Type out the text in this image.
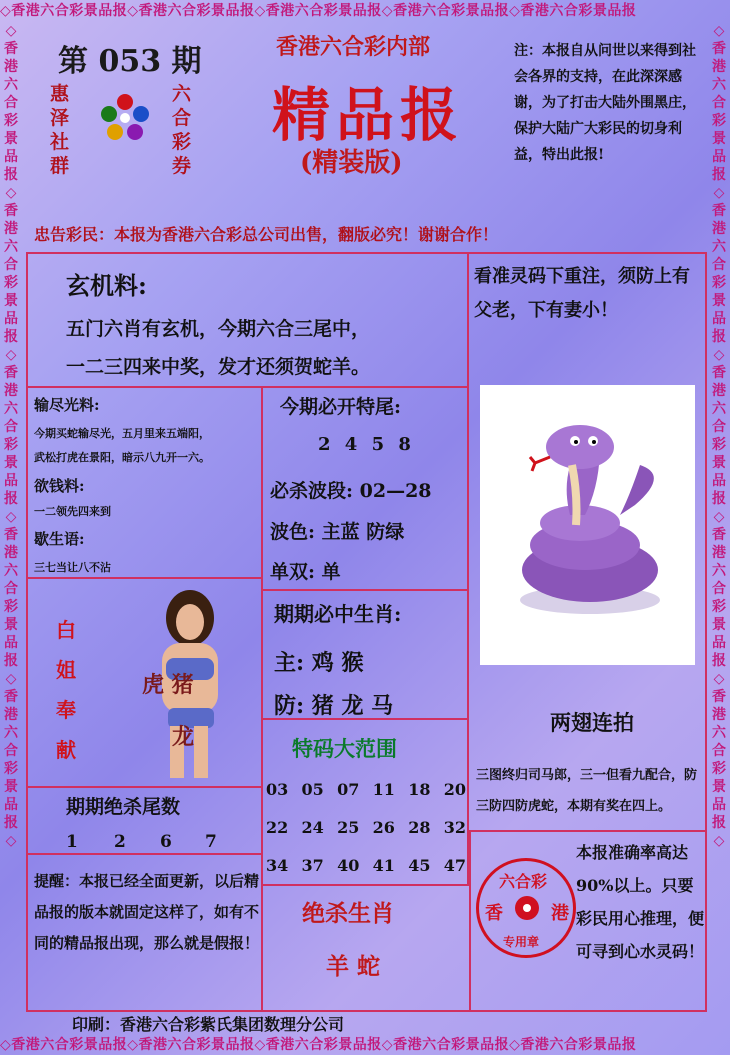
◇香港六合彩景品报◇香港六合彩景品报◇香港六合彩景品报◇香港六合彩景品报◇香港六合彩景品报
◇香港六合彩景品报◇香港六合彩景品报◇香港六合彩景品报◇香港六合彩景品报◇香港六合彩景品报
◇香港六合彩景品报◇香港六合彩景品报◇香港六合彩景品报◇香港六合彩景品报◇香港六合彩景品报◇
◇香港六合彩景品报◇香港六合彩景品报◇香港六合彩景品报◇香港六合彩景品报◇香港六合彩景品报◇
第 053 期
惠
泽
社
群
六
合
彩
券
香港六合彩内部
精品报
(精装版)
注：本报自从问世以来得到社会各界的支持，在此深深感谢，为了打击大陆外围黑庄，保护大陆广大彩民的切身利益，特出此报!
忠告彩民：本报为香港六合彩总公司出售，翻版必究！谢谢合作！
玄机料:
五门六肖有玄机，今期六合三尾中，
一二三四来中奖，发才还须贺蛇羊。
看准灵码下重注，须防上有父老，下有妻小！
输尽光料:
今期买蛇输尽光，五月里来五端阳，
武松打虎在景阳，暗示八九开一六。
欲钱料:
一二领先四来到
歇生语:
三七当让八不沾
今期必开特尾:
2 4 5 8
必杀波段: 02—28
波色: 主蓝 防绿
单双: 单
白
姐
奉
献
虎 猪
龙
期期必中生肖:
主: 鸡 猴
防: 猪 龙 马
两翅连拍
三图终归司马郎，三一但看九配合，防三防四防虎蛇，本期有奖在四上。
期期绝杀尾数
1 2 6 7
特码大范围
03 05 07 11 18 20
22 24 25 26 28 32
34 37 40 41 45 47
提醒：本报已经全面更新，以后精品报的版本就固定这样了，如有不同的精品报出现，那么就是假报！
绝杀生肖
羊 蛇
本报准确率高达90%以上。只要彩民用心推理，便可寻到心水灵码！
六合彩
香	港
专用章
印刷：香港六合彩紫氏集团数理分公司
